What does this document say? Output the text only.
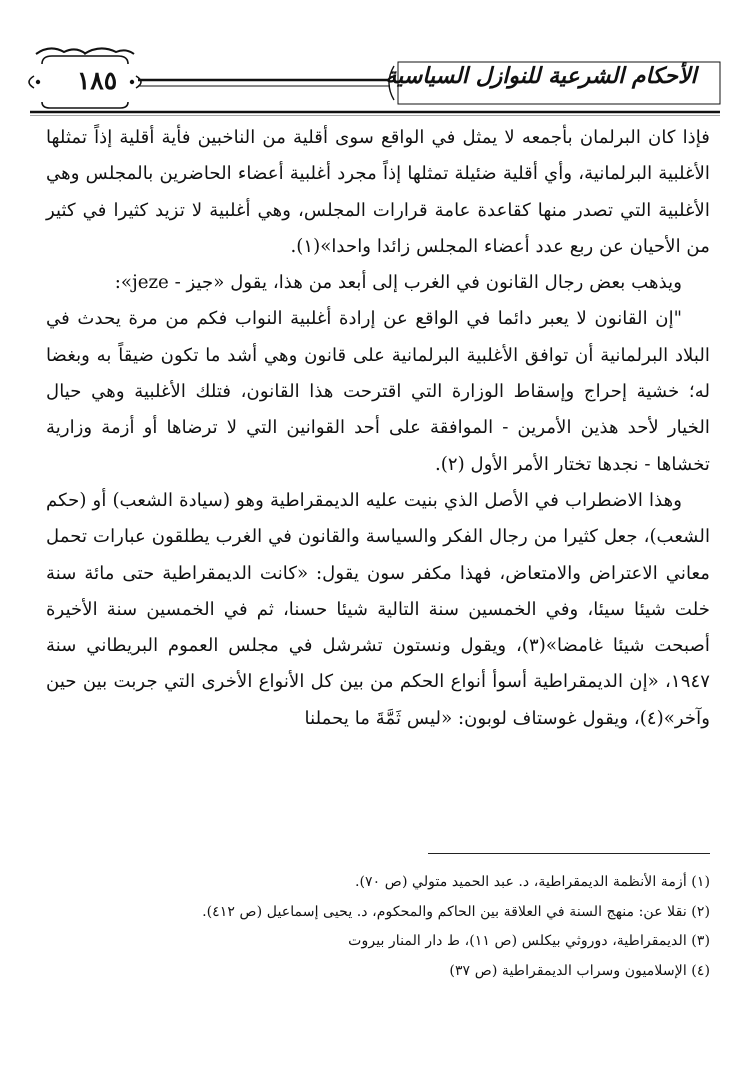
١٨٥	الأحكام الشرعية للنوازل السياسية

فإذا كان البرلمان بأجمعه لا يمثل في الواقع سوى أقلية من الناخبين فأية أقلية إذاً تمثلها الأغلبية البرلمانية، وأي أقلية ضئيلة تمثلها إذاً مجرد أغلبية أعضاء الحاضرين بالمجلس وهي الأغلبية التي تصدر منها كقاعدة عامة قرارات المجلس، وهي أغلبية لا تزيد كثيرا في كثير من الأحيان عن ربع عدد أعضاء المجلس زائدا واحدا»(١).

ويذهب بعض رجال القانون في الغرب إلى أبعد من هذا، يقول «جيز - jeze»:

"إن القانون لا يعبر دائما في الواقع عن إرادة أغلبية النواب فكم من مرة يحدث في البلاد البرلمانية أن توافق الأغلبية البرلمانية على قانون وهي أشد ما تكون ضيقاً به وبغضا له؛ خشية إحراج وإسقاط الوزارة التي اقترحت هذا القانون، فتلك الأغلبية وهي حيال الخيار لأحد هذين الأمرين - الموافقة على أحد القوانين التي لا ترضاها أو أزمة وزارية تخشاها - نجدها تختار الأمر الأول (٢).

وهذا الاضطراب في الأصل الذي بنيت عليه الديمقراطية وهو (سيادة الشعب) أو (حكم الشعب)، جعل كثيرا من رجال الفكر والسياسة والقانون في الغرب يطلقون عبارات تحمل معاني الاعتراض والامتعاض، فهذا مكفر سون يقول: «كانت الديمقراطية حتى مائة سنة خلت شيئا سيئا، وفي الخمسين سنة التالية شيئا حسنا، ثم في الخمسين سنة الأخيرة أصبحت شيئا غامضا»(٣)، ويقول ونستون تشرشل في مجلس العموم البريطاني سنة ١٩٤٧، «إن الديمقراطية أسوأ أنواع الحكم من بين كل الأنواع الأخرى التي جربت بين حين وآخر»(٤)، ويقول غوستاف لوبون: «ليس ثَمَّةَ ما يحملنا

(١) أزمة الأنظمة الديمقراطية، د. عبد الحميد متولي (ص ٧٠).
(٢) نقلا عن: منهج السنة في العلاقة بين الحاكم والمحكوم، د. يحيى إسماعيل (ص ٤١٢).
(٣) الديمقراطية، دوروثي بيكلس (ص ١١)، ط دار المنار بيروت
(٤) الإسلاميون وسراب الديمقراطية (ص ٣٧)
